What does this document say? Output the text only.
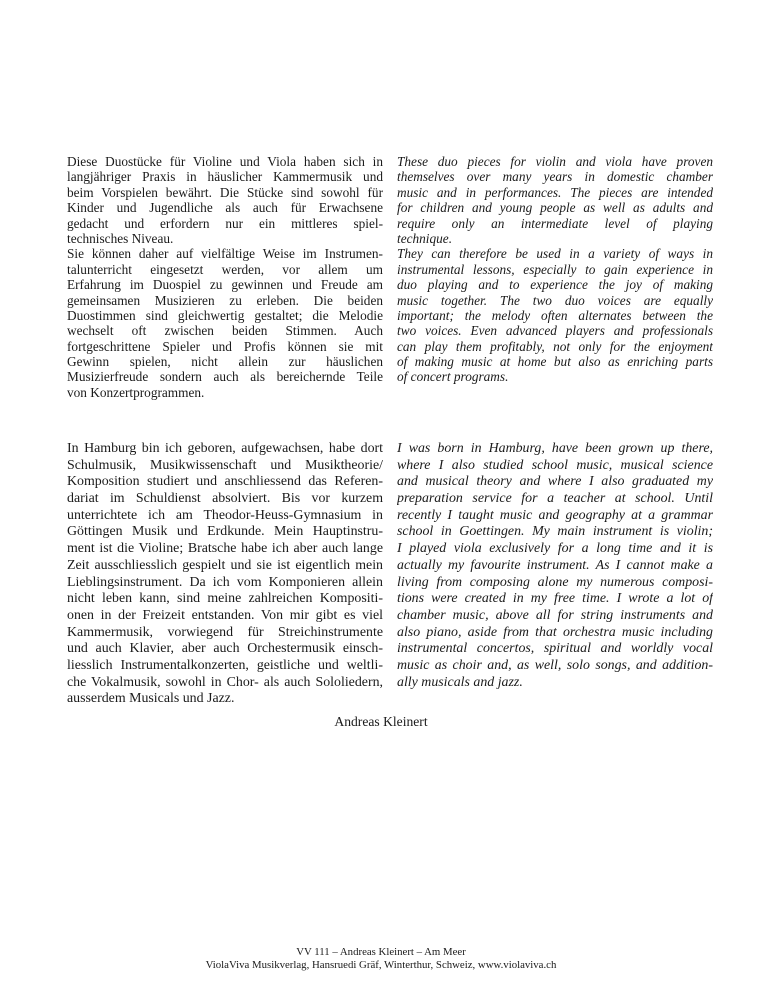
Diese Duostücke für Violine und Viola haben sich in
langjähriger Praxis in häuslicher Kammermusik und
beim Vorspielen bewährt. Die Stücke sind sowohl für
Kinder und Jugendliche als auch für Erwachsene
gedacht und erfordern nur ein mittleres spiel-
technisches Niveau.
Sie können daher auf vielfältige Weise im Instrumen-
talunterricht eingesetzt werden, vor allem um
Erfahrung im Duospiel zu gewinnen und Freude am
gemeinsamen Musizieren zu erleben. Die beiden
Duostimmen sind gleichwertig gestaltet; die Melodie
wechselt oft zwischen beiden Stimmen. Auch
fortgeschrittene Spieler und Profis können sie mit
Gewinn spielen, nicht allein zur häuslichen
Musizierfreude sondern auch als bereichernde Teile
von Konzertprogrammen.
These duo pieces for violin and viola have proven
themselves over many years in domestic chamber
music and in performances. The pieces are intended
for children and young people as well as adults and
require only an intermediate level of playing
technique.
They can therefore be used in a variety of ways in
instrumental lessons, especially to gain experience in
duo playing and to experience the joy of making
music together. The two duo voices are equally
important; the melody often alternates between the
two voices. Even advanced players and professionals
can play them profitably, not only for the enjoyment
of making music at home but also as enriching parts
of concert programs.
In Hamburg bin ich geboren, aufgewachsen, habe dort
Schulmusik, Musikwissenschaft und Musiktheorie/
Komposition studiert und anschliessend das Referen-
dariat im Schuldienst absolviert. Bis vor kurzem
unterrichtete ich am Theodor-Heuss-Gymnasium in
Göttingen Musik und Erdkunde. Mein Hauptinstru-
ment ist die Violine; Bratsche habe ich aber auch lange
Zeit ausschliesslich gespielt und sie ist eigentlich mein
Lieblingsinstrument. Da ich vom Komponieren allein
nicht leben kann, sind meine zahlreichen Kompositi-
onen in der Freizeit entstanden. Von mir gibt es viel
Kammermusik, vorwiegend für Streichinstrumente
und auch Klavier, aber auch Orchestermusik einsch-
liesslich Instrumentalkonzerten, geistliche und weltli-
che Vokalmusik, sowohl in Chor- als auch Sololiedern,
ausserdem Musicals und Jazz.
I was born in Hamburg, have been grown up there,
where I also studied school music, musical science
and musical theory and where I also graduated my
preparation service for a teacher at school. Until
recently I taught music and geography at a grammar
school in Goettingen. My main instrument is violin;
I played viola exclusively for a long time and it is
actually my favourite instrument. As I cannot make a
living from composing alone my numerous composi-
tions were created in my free time. I wrote a lot of
chamber music, above all for string instruments and
also piano, aside from that orchestra music including
instrumental concertos, spiritual and worldly vocal
music as choir and, as well, solo songs, and addition-
ally musicals and jazz.
Andreas Kleinert
VV 111 – Andreas Kleinert – Am Meer
ViolaViva Musikverlag, Hansruedi Gräf, Winterthur, Schweiz, www.violaviva.ch
